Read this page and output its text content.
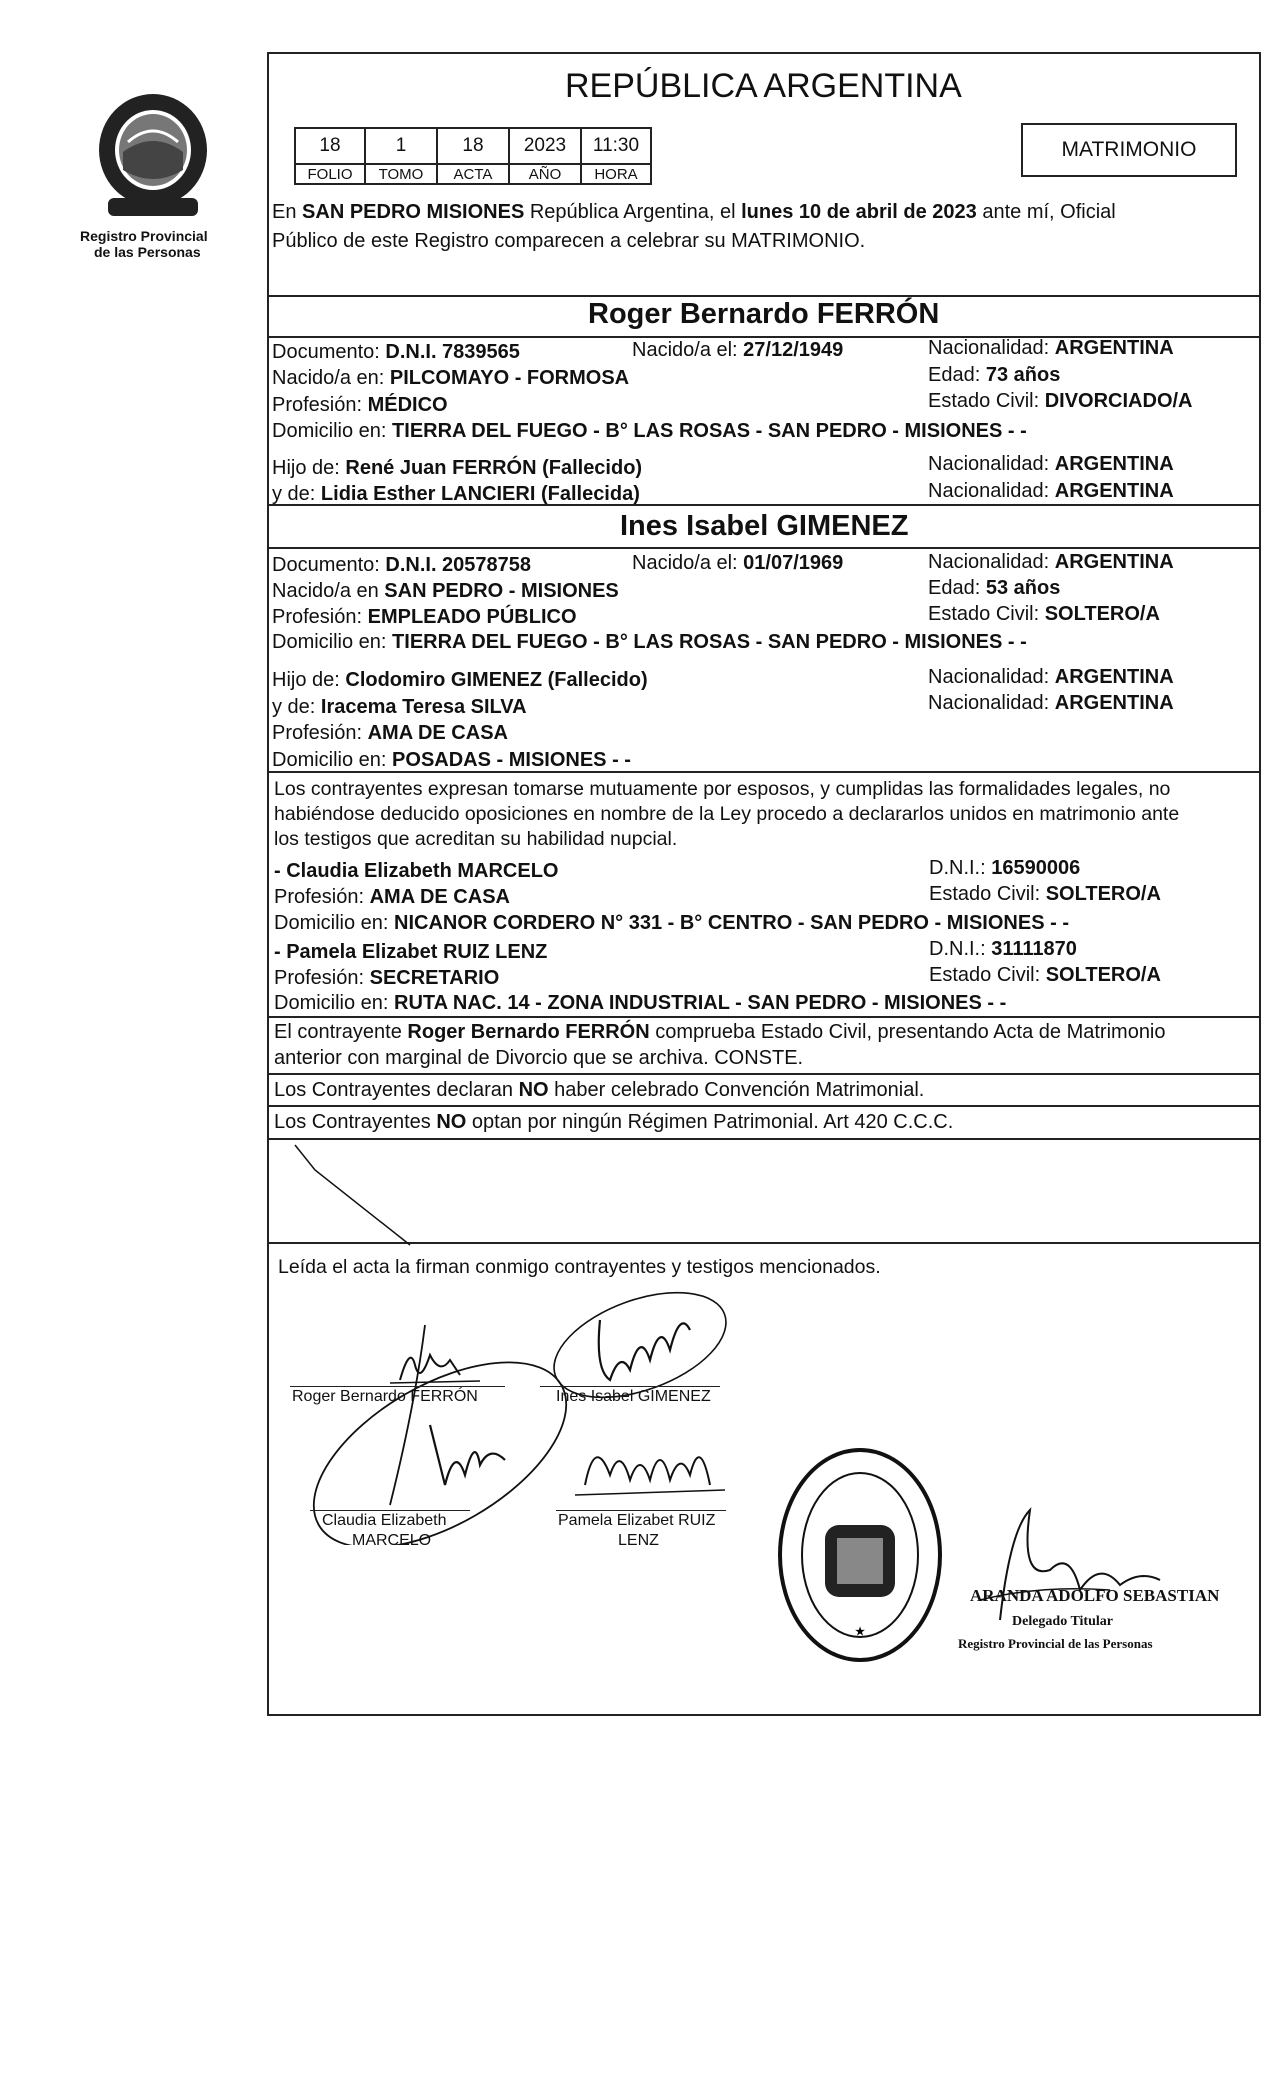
Registro Provincial
de las Personas
REPÚBLICA ARGENTINA
18	1	18	2023	11:30
FOLIO	TOMO	ACTA	AÑO	HORA
MATRIMONIO
En SAN PEDRO MISIONES República Argentina, el lunes 10 de abril de 2023 ante mí, Oficial
Público de este Registro comparecen a celebrar su MATRIMONIO.
Roger Bernardo FERRÓN
Documento: D.N.I. 7839565	Nacido/a el: 27/12/1949	Nacionalidad: ARGENTINA
Nacido/a en: PILCOMAYO - FORMOSA	Edad: 73 años
Profesión: MÉDICO	Estado Civil: DIVORCIADO/A
Domicilio en: TIERRA DEL FUEGO - B° LAS ROSAS - SAN PEDRO - MISIONES - -
Hijo de: René Juan FERRÓN (Fallecido)	Nacionalidad: ARGENTINA
y de: Lidia Esther LANCIERI (Fallecida)	Nacionalidad: ARGENTINA
Ines Isabel GIMENEZ
Documento: D.N.I. 20578758	Nacido/a el: 01/07/1969	Nacionalidad: ARGENTINA
Nacido/a en SAN PEDRO - MISIONES	Edad: 53 años
Profesión: EMPLEADO PÚBLICO	Estado Civil: SOLTERO/A
Domicilio en: TIERRA DEL FUEGO - B° LAS ROSAS - SAN PEDRO - MISIONES - -
Hijo de: Clodomiro GIMENEZ (Fallecido)	Nacionalidad: ARGENTINA
y de: Iracema Teresa SILVA	Nacionalidad: ARGENTINA
Profesión: AMA DE CASA
Domicilio en: POSADAS - MISIONES - -
Los contrayentes expresan tomarse mutuamente por esposos, y cumplidas las formalidades legales, no
habiéndose deducido oposiciones en nombre de la Ley procedo a declararlos unidos en matrimonio ante
los testigos que acreditan su habilidad nupcial.
- Claudia Elizabeth MARCELO	D.N.I.: 16590006
Profesión: AMA DE CASA	Estado Civil: SOLTERO/A
Domicilio en: NICANOR CORDERO N° 331 - B° CENTRO - SAN PEDRO - MISIONES - -
- Pamela Elizabet RUIZ LENZ	D.N.I.: 31111870
Profesión: SECRETARIO	Estado Civil: SOLTERO/A
Domicilio en: RUTA NAC. 14 - ZONA INDUSTRIAL - SAN PEDRO - MISIONES - -
El contrayente Roger Bernardo FERRÓN comprueba Estado Civil, presentando Acta de Matrimonio
anterior con marginal de Divorcio que se archiva. CONSTE.
Los Contrayentes declaran NO haber celebrado Convención Matrimonial.
Los Contrayentes NO optan por ningún Régimen Patrimonial. Art 420 C.C.C.
Leída el acta la firman conmigo contrayentes y testigos mencionados.
Roger Bernardo FERRÓN	Ines Isabel GIMENEZ
Claudia Elizabeth
MARCELO
Pamela Elizabet RUIZ
LENZ
★
ARANDA ADOLFO SEBASTIAN
Delegado Titular
Registro Provincial de las Personas
